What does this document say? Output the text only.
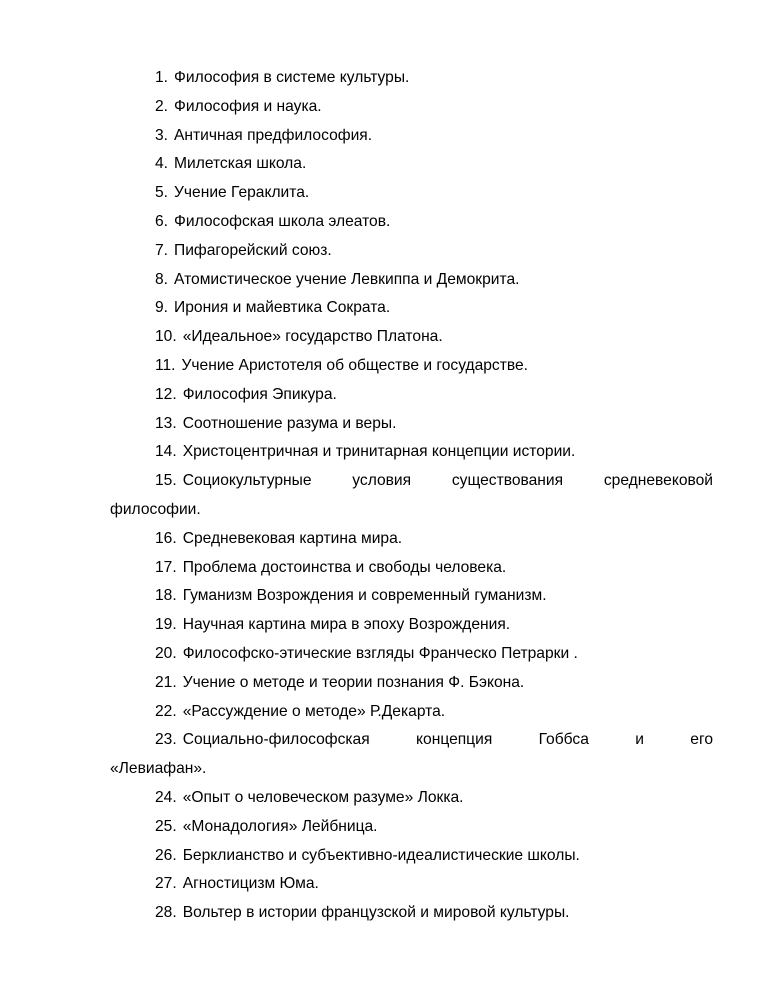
1. Философия в системе культуры.
2. Философия и наука.
3. Античная предфилософия.
4. Милетская школа.
5. Учение Гераклита.
6. Философская школа элеатов.
7. Пифагорейский союз.
8. Атомистическое учение Левкиппа и Демокрита.
9. Ирония и майевтика Сократа.
10. «Идеальное» государство Платона.
11. Учение Аристотеля об обществе и государстве.
12. Философия Эпикура.
13. Соотношение разума и веры.
14. Христоцентричная и тринитарная концепции истории.
15. Социокультурные	условия	существования	средневековой
философии.
16. Средневековая картина мира.
17. Проблема достоинства и свободы человека.
18. Гуманизм Возрождения и современный гуманизм.
19. Научная картина мира в эпоху Возрождения.
20. Философско-этические взгляды Франческо Петрарки .
21. Учение о методе и теории познания Ф. Бэкона.
22. «Рассуждение о методе» Р.Декарта.
23. Социально-философская	концепция	Гоббса	и	его
«Левиафан».
24. «Опыт о человеческом разуме» Локка.
25. «Монадология» Лейбница.
26. Берклианство и субъективно-идеалистические школы.
27. Агностицизм Юма.
28. Вольтер в истории французской и мировой культуры.
